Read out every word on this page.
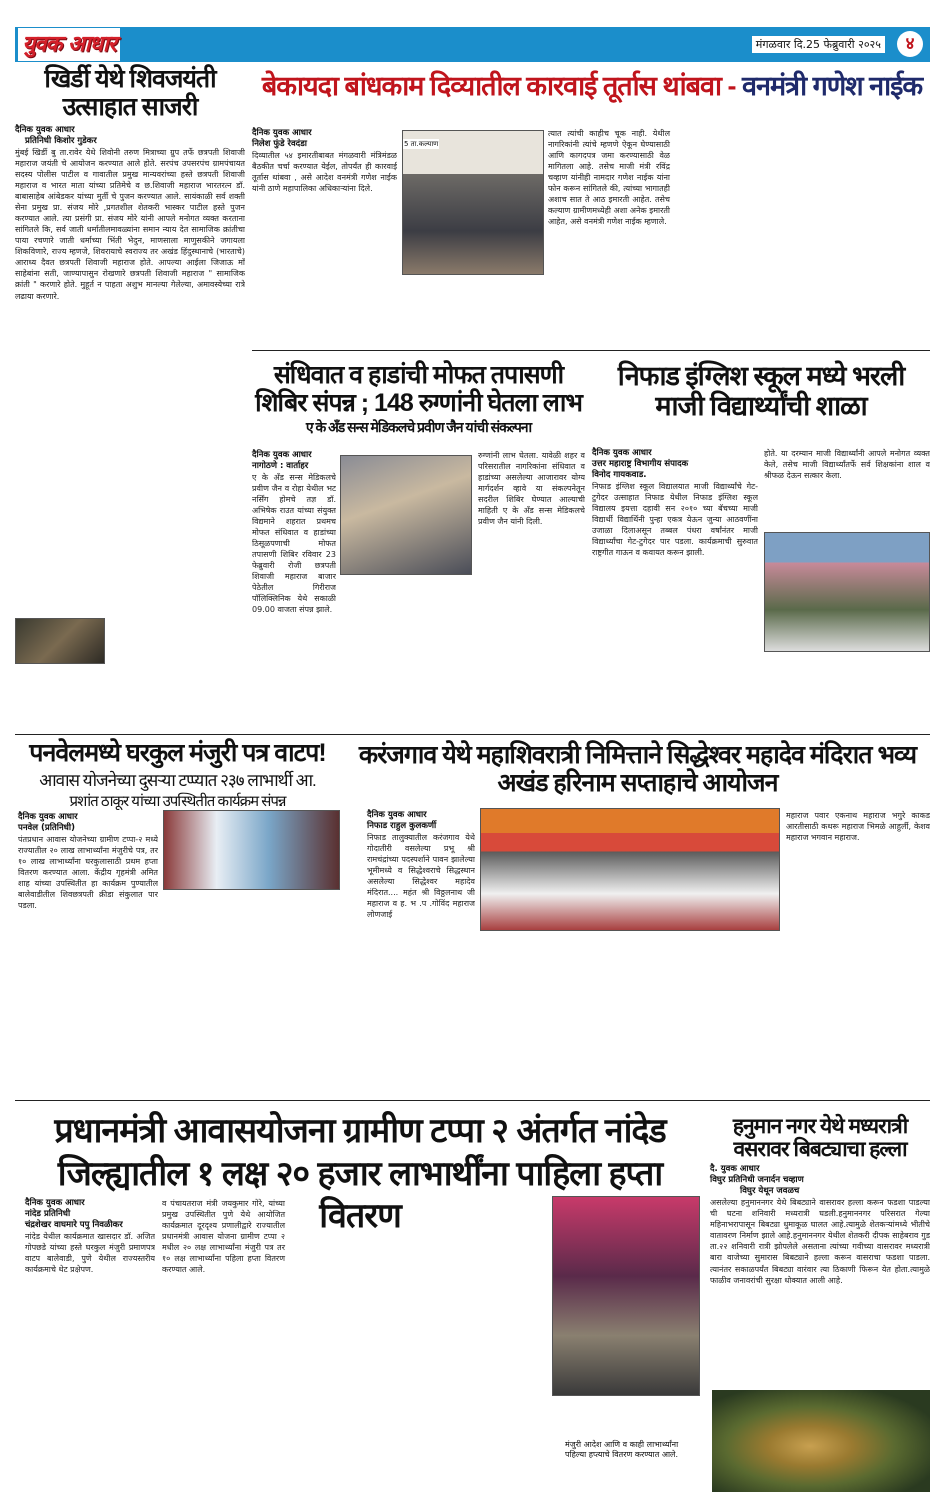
युवक आधार	मंगळवार दि.25 फेब्रुवारी २०२५	४
खिर्डी येथे शिवजयंती उत्साहात साजरी
दैनिक युवक आधार
प्रतिनिधी किशोर गुडेकर

मुंबई खिर्डी बु ता.रावेर येथे शिवोनी तरुण मित्राच्या ग्रुप तर्फे छत्रपती शिवाजी महाराज जयंती चे आयोजन करण्यात आले होते. सरपंच उपसरपंच ग्रामपंचायत सदस्य पोलीस पाटील व गावातील प्रमुख मान्यवरांच्या हस्ते छत्रपती शिवाजी महाराज व भारत माता यांच्या प्रतिमेचे व छ.शिवाजी महाराज भारतरत्न डॉ. बाबासाहेब आंबेडकर यांच्या मुर्ती चे पुजन करण्यात आले. सायंकाळी सर्व शक्ती सेना प्रमुख प्रा. संजय मोरे ,प्रगतशील शेतकरी भास्कर पाटील हस्ते पुजन करण्यात आले. त्या प्रसंगी प्रा. संजय मोरे यांनी आपले मनोगत व्यक्त करताना सांगितले कि, सर्व जाती धर्मातीलमावळ्यांना समान न्याय देत सामाजिक क्रांतीचा पाया रचणारे जाती धर्माच्या भिंती भेदुन, माणसाला माणुसकीने जगायला शिकविणारे, राज्य म्हणजे, शिवरायाचे स्वराज्य तर अखंड हिंदुस्थानाचे (भारताचे) आराध्य दैवत छत्रपती शिवाजी महाराज होते. आपल्या आईला जिजाऊ माँ साहेबांना सती, जाण्यापासुन रोखणारे छत्रपती शिवाजी महाराज " सामाजिक क्रांती " करणारे होते. मुहूर्त न पाहता अशुभ मानल्या गेलेल्या, अमावस्येच्या रात्रे लढाया करणारे.

बेकायदा बांधकाम दिव्यातील कारवाई तूर्तास थांबवा - वनमंत्री गणेश नाईक
दैनिक युवक आधार
निलेश फुंडे रेवदंडा

दिव्यातील ५४ इमारतीबाबत मंगळवारी मंत्रिमंडळ बैठकीत चर्चा करण्यात येईल, तोपर्यंत ही कारवाई तूर्तास थांबवा , असे आदेश वनमंत्री गणेश नाईक यांनी ठाणे महापालिका अधिकाऱ्यांना दिले.

5 ता.कल्याण

त्यात त्यांची काहीच चूक नाही. येथील नागरिकांनी त्यांचे म्हणणे ऐकून घेण्यासाठी आणि कागदपत्र जमा करण्यासाठी वेळ मागितला आहे. तसेच माजी मंत्री रविंद्र चव्हाण यांनीही नामदार गणेश नाईक यांना फोन करून सांगितले की, त्यांच्या भागातही अशाच सात ते आठ इमारती आहेत. तसेच कल्याण ग्रामीणमध्येही अशा अनेक इमारती आहेत, असे वनमंत्री गणेश नाईक म्हणाले.

संधिवात व हाडांची मोफत तपासणी शिबिर संपन्न ; 148 रुग्णांनी घेतला लाभ
ए के अँड सन्स मेडिकलचे प्रवीण जैन यांची संकल्पना
दैनिक युवक आधार
नागोठणे : वार्ताहर

ए के अँड सन्स मेडिकलचे प्रवीण जैन व रोहा येथील भट नर्सिंग होमचे तज्ञ डॉ. अभिषेक राउत यांच्या संयुक्त विद्यमाने शहरात प्रथमच मोफत संधिवात व हाडांच्या ठिसूळपणाची मोफत तपासणी शिबिर रविवार 23 फेब्रुवारी रोजी छत्रपती शिवाजी महाराज बाजार पेठेतील गिरीराज पॉलिक्लिनिक येथे सकाळी 09.00 वाजता संपन्न झाले.

रुग्णांनी लाभ घेतला. यावेळी शहर व परिसरातील नागरिकांना संधिवात व हाडांच्या असलेल्या आजारावर योग्य मार्गदर्शन व्हावे या संकल्पनेतून सदरील शिबिर घेण्यात आल्याची माहिती ए के अँड सन्स मेडिकलचे प्रवीण जैन यांनी दिली.

निफाड इंग्लिश स्कूल मध्ये भरली माजी विद्यार्थ्यांची शाळा
दैनिक युवक आधार
उत्तर महाराष्ट्र विभागीय संपादक
विनोद गायकवाड.

निफाड इंग्लिश स्कूल विद्यालयात माजी विद्यार्थ्यांचे गेट-टुगेदर उत्साहात निफाड येथील निफाड इंग्लिश स्कूल विद्यालय इयत्ता दहावी सन २०१० च्या बॅचच्या माजी विद्यार्थी विद्यार्थिनी पुन्हा एकत्र येऊन जुन्या आठवणींना उजाळा दिलाअसून तब्बल पंधरा वर्षांनंतर माजी विद्यार्थ्यांचा गेट-टुगेदर पार पडला. कार्यक्रमाची सुरुवात राष्ट्रगीत गाऊन व कवायत करून झाली.

होते. या दरम्यान माजी विद्यार्थ्यांनी आपले मनोगत व्यक्त केले, तसेच माजी विद्यार्थ्यांतर्फे सर्व शिक्षकांना शाल व श्रीफळ देऊन सत्कार केला.

पनवेलमध्ये घरकुल मंजुरी पत्र वाटप!
आवास योजनेच्या दुसऱ्या टप्प्यात २३७ लाभार्थी आ.
प्रशांत ठाकूर यांच्या उपस्थितीत कार्यक्रम संपन्न
दैनिक युवक आधार
पनवेल (प्रतिनिधी)

पंतप्रधान आवास योजनेच्या ग्रामीण टप्पा-२ मध्ये राज्यातील २० लाख लाभार्थ्यांना मंजुरीचे पत्र, तर १० लाख लाभार्थ्यांना घरकुलासाठी प्रथम हप्ता वितरण करण्यात आला. केंद्रीय गृहमंत्री अमित शाह यांच्या उपस्थितीत हा कार्यक्रम पुण्यातील बालेवाडीतील शिवछत्रपती क्रीडा संकुलात पार पडला.

करंजगाव येथे महाशिवरात्री निमित्ताने सिद्धेश्वर महादेव मंदिरात भव्य अखंड हरिनाम सप्ताहाचे आयोजन
दैनिक युवक आधार
निफाड राहुल कुलकर्णी

निफाड तालुक्यातील करंजगाव येथे गोदातीरी वसलेल्या प्रभू श्री रामचंद्रांच्या पदस्पर्शाने पावन झालेल्या भूमीमध्ये व सिद्धेश्वराचे सिद्धस्थान असलेल्या सिद्धेश्वर महादेव मंदिरात.... महंत श्री विठ्ठलनाथ जी महाराज व ह. भ .प .गोविंद महाराज लोणजाई

महाराज पवार एकनाथ महाराज भगुरे काकड आरतीसाठी कथरू महाराज भिमळे आहुर्ली, केशव महाराज भगवान महाराज.

प्रधानमंत्री आवासयोजना ग्रामीण टप्पा २ अंतर्गत नांदेड जिल्ह्यातील १ लक्ष २० हजार लाभार्थींना पाहिला हप्ता वितरण
दैनिक युवक आधार
नांदेड प्रतिनिधी
चंद्रशेखर वाघमारे पपु निवळीकर

नांदेड येथील कार्यक्रमात खासदार डॉ. अजित गोपछडे यांच्या हस्ते घरकुल मंजुरी प्रमाणपत्र वाटप बालेवाडी, पुणे येथील राज्यस्तरीय कार्यक्रमाचे थेट प्रक्षेपण.

व पंचायतराज मंत्री जयकुमार गोरे, यांच्या प्रमुख उपस्थितीत पुणे येथे आयोजित कार्यक्रमात दूरदृश्य प्रणालीद्वारे राज्यातील प्रधानमंत्री आवास योजना ग्रामीण टप्पा २ मधील २० लक्ष लाभार्थ्यांना मंजुरी पत्र तर १० लक्ष लाभार्थ्यांना पहिला हप्ता वितरण करण्यात आले.

मंजुरी आदेश आणि व काही लाभार्थ्यांना पहिल्या हप्त्याचे वितरण करण्यात आले.
हनुमान नगर येथे मध्यरात्री वसरावर बिबट्याचा हल्ला
दै. युवक आधार
विघुर प्रतिनिधी जनार्दन चव्हाण
विघुर येथून जवळच

असलेल्या हनुमाननगर येथे बिबट्याने वासरावर हल्ला करून फडशा पाडल्या ची घटना शनिवारी मध्यरात्री घडली.हनुमाननगर परिसरात गेल्या महिनाभरापासून बिबट्या धुमाकूळ घालत आहे.त्यामुळे शेतकऱ्यांमध्ये भीतीचे वातावरण निर्माण झाले आहे.हनुमाननगर येथील शेतकरी दीपक साहेबराव गुड ता.२२ शनिवारी रात्री झोपलेले असताना त्यांच्या गवीच्या वासरावर मध्यरात्री बारा वाजेच्या सुमारास बिबट्याने हल्ला करून वासराचा फडशा पाडला. त्यानंतर सकाळपर्यंत बिबट्या वारंवार त्या ठिकाणी फिरून येत होता.त्यामुळे फाळीव जनावरांची सुरक्षा धोक्यात आली आहे.
